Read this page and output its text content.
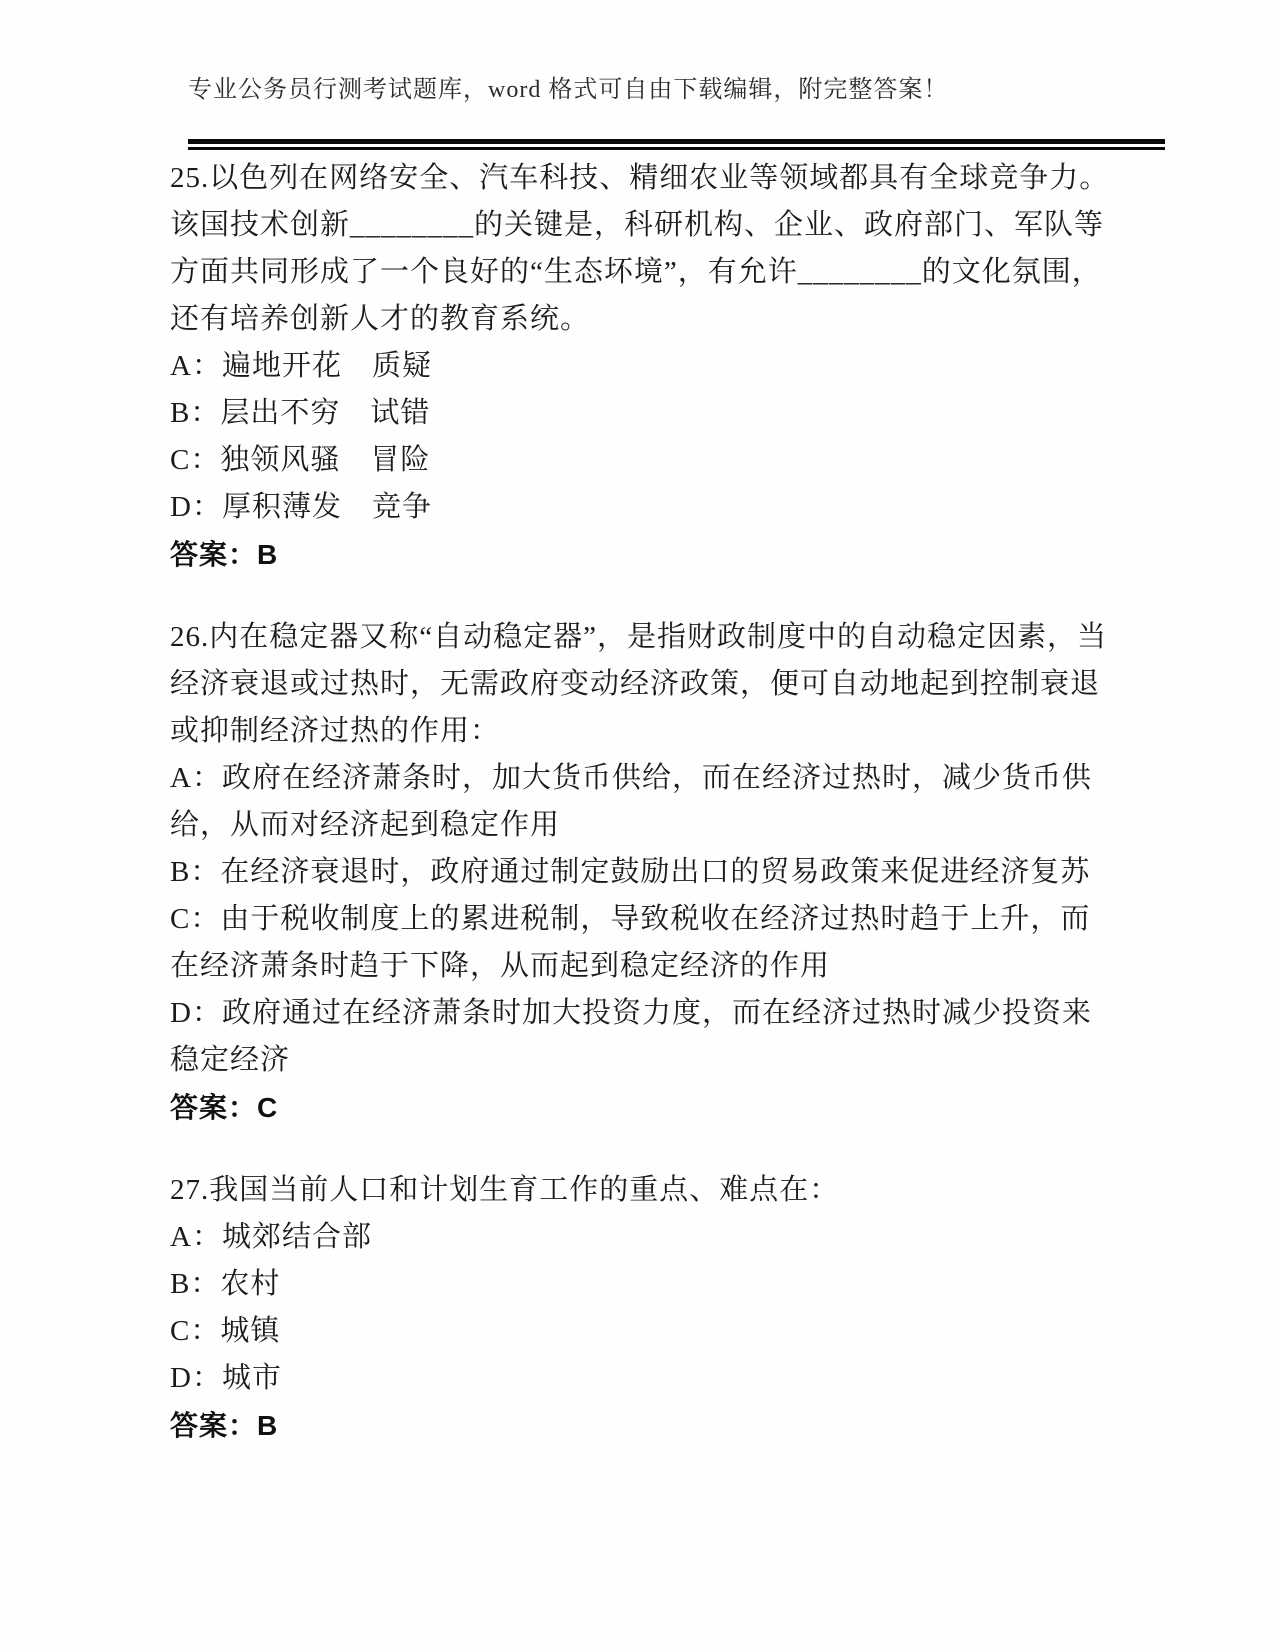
专业公务员行测考试题库，word 格式可自由下载编辑，附完整答案！

25.以色列在网络安全、汽车科技、精细农业等领域都具有全球竞争力。该国技术创新________的关键是，科研机构、企业、政府部门、军队等方面共同形成了一个良好的“生态坏境”，有允许________的文化氛围，还有培养创新人才的教育系统。

A：遍地开花　质疑

B：层出不穷　试错

C：独领风骚　冒险

D：厚积薄发　竞争

答案：B

26.内在稳定器又称“自动稳定器”，是指财政制度中的自动稳定因素，当经济衰退或过热时，无需政府变动经济政策，便可自动地起到控制衰退或抑制经济过热的作用：

A：政府在经济萧条时，加大货币供给，而在经济过热时，减少货币供给，从而对经济起到稳定作用

B：在经济衰退时，政府通过制定鼓励出口的贸易政策来促进经济复苏

C：由于税收制度上的累进税制，导致税收在经济过热时趋于上升，而在经济萧条时趋于下降，从而起到稳定经济的作用

D：政府通过在经济萧条时加大投资力度，而在经济过热时减少投资来稳定经济

答案：C

27.我国当前人口和计划生育工作的重点、难点在：

A：城郊结合部

B：农村

C：城镇

D：城市

答案：B
